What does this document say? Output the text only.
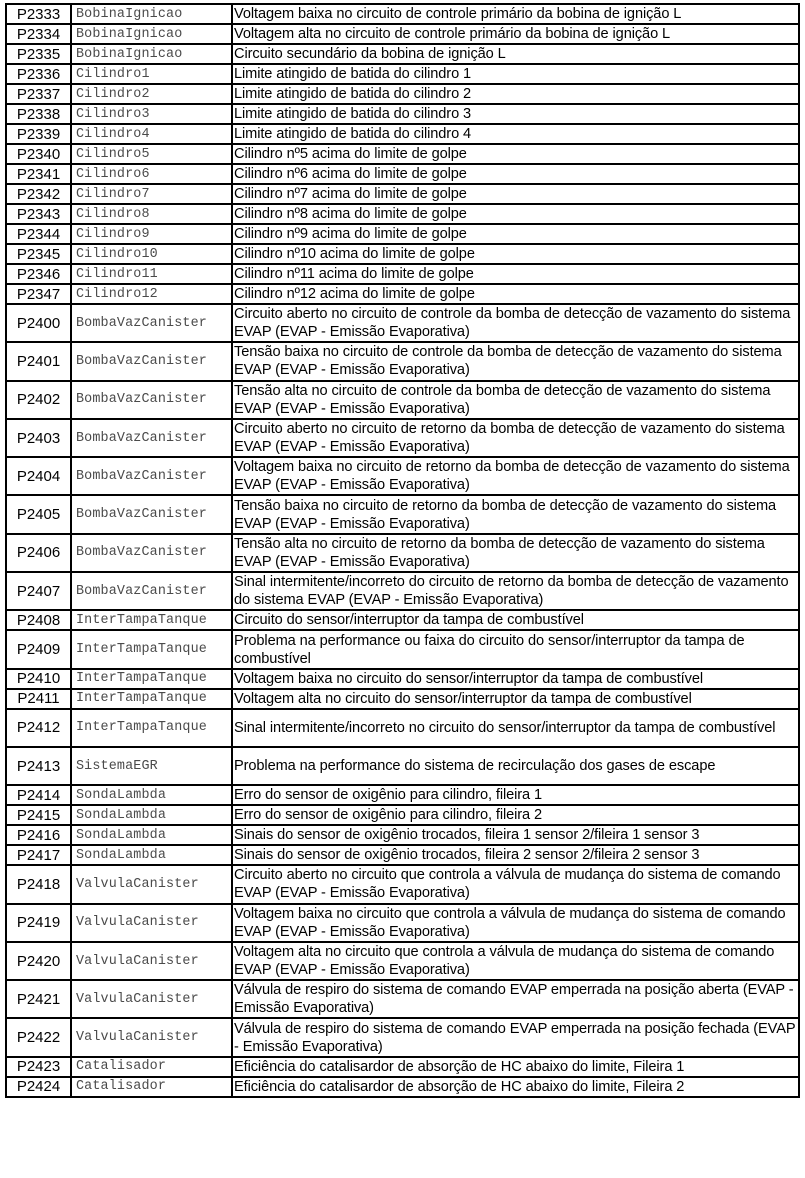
P2333	BobinaIgnicao	Voltagem baixa no circuito de controle primário da bobina de ignição L
P2334	BobinaIgnicao	Voltagem alta no circuito de controle primário da bobina de ignição L
P2335	BobinaIgnicao	Circuito secundário da bobina de ignição L
P2336	Cilindro1	Limite atingido de batida do cilindro 1
P2337	Cilindro2	Limite atingido de batida do cilindro 2
P2338	Cilindro3	Limite atingido de batida do cilindro 3
P2339	Cilindro4	Limite atingido de batida do cilindro 4
P2340	Cilindro5	Cilindro nº5 acima do limite de golpe
P2341	Cilindro6	Cilindro nº6 acima do limite de golpe
P2342	Cilindro7	Cilindro nº7 acima do limite de golpe
P2343	Cilindro8	Cilindro nº8 acima do limite de golpe
P2344	Cilindro9	Cilindro nº9 acima do limite de golpe
P2345	Cilindro10	Cilindro nº10 acima do limite de golpe
P2346	Cilindro11	Cilindro nº11 acima do limite de golpe
P2347	Cilindro12	Cilindro nº12 acima do limite de golpe
P2400	BombaVazCanister	Circuito aberto no circuito de controle da bomba de detecção de vazamento do sistema EVAP (EVAP - Emissão Evaporativa)
P2401	BombaVazCanister	Tensão baixa no circuito de controle da bomba de detecção de vazamento do sistema EVAP (EVAP - Emissão Evaporativa)
P2402	BombaVazCanister	Tensão alta no circuito de controle da bomba de detecção de vazamento do sistema EVAP (EVAP - Emissão Evaporativa)
P2403	BombaVazCanister	Circuito aberto no circuito de retorno da bomba de detecção de vazamento do sistema EVAP (EVAP - Emissão Evaporativa)
P2404	BombaVazCanister	Voltagem baixa no circuito de retorno da bomba de detecção de vazamento do sistema EVAP (EVAP - Emissão Evaporativa)
P2405	BombaVazCanister	Tensão baixa no circuito de retorno da bomba de detecção de vazamento do sistema EVAP (EVAP - Emissão Evaporativa)
P2406	BombaVazCanister	Tensão alta no circuito de retorno da bomba de detecção de vazamento do sistema EVAP (EVAP - Emissão Evaporativa)
P2407	BombaVazCanister	Sinal intermitente/incorreto do circuito de retorno da bomba de detecção de vazamento do sistema EVAP (EVAP - Emissão Evaporativa)
P2408	InterTampaTanque	Circuito do sensor/interruptor da tampa de combustível
P2409	InterTampaTanque	Problema na performance ou faixa do circuito do sensor/interruptor da tampa de combustível
P2410	InterTampaTanque	Voltagem baixa no circuito do sensor/interruptor da tampa de combustível
P2411	InterTampaTanque	Voltagem alta no circuito do sensor/interruptor da tampa de combustível
P2412	InterTampaTanque	Sinal intermitente/incorreto no circuito do sensor/interruptor da tampa de combustível
P2413	SistemaEGR	Problema na performance do sistema de recirculação dos gases de escape
P2414	SondaLambda	Erro do sensor de oxigênio para cilindro, fileira 1
P2415	SondaLambda	Erro do sensor de oxigênio para cilindro, fileira 2
P2416	SondaLambda	Sinais do sensor de oxigênio trocados, fileira 1 sensor 2/fileira 1 sensor 3
P2417	SondaLambda	Sinais do sensor de oxigênio trocados, fileira 2 sensor 2/fileira 2 sensor 3
P2418	ValvulaCanister	Circuito aberto no circuito que controla a válvula de mudança do sistema de comando EVAP (EVAP - Emissão Evaporativa)
P2419	ValvulaCanister	Voltagem baixa no circuito que controla a válvula de mudança do sistema de comando EVAP (EVAP - Emissão Evaporativa)
P2420	ValvulaCanister	Voltagem alta no circuito que controla a válvula de mudança do sistema de comando EVAP (EVAP - Emissão Evaporativa)
P2421	ValvulaCanister	Válvula de respiro do sistema de comando EVAP emperrada na posição aberta (EVAP - Emissão Evaporativa)
P2422	ValvulaCanister	Válvula de respiro do sistema de comando EVAP emperrada na posição fechada (EVAP - Emissão Evaporativa)
P2423	Catalisador	Eficiência do catalisardor de absorção de HC abaixo do limite, Fileira 1
P2424	Catalisador	Eficiência do catalisardor de absorção de HC abaixo do limite, Fileira 2
